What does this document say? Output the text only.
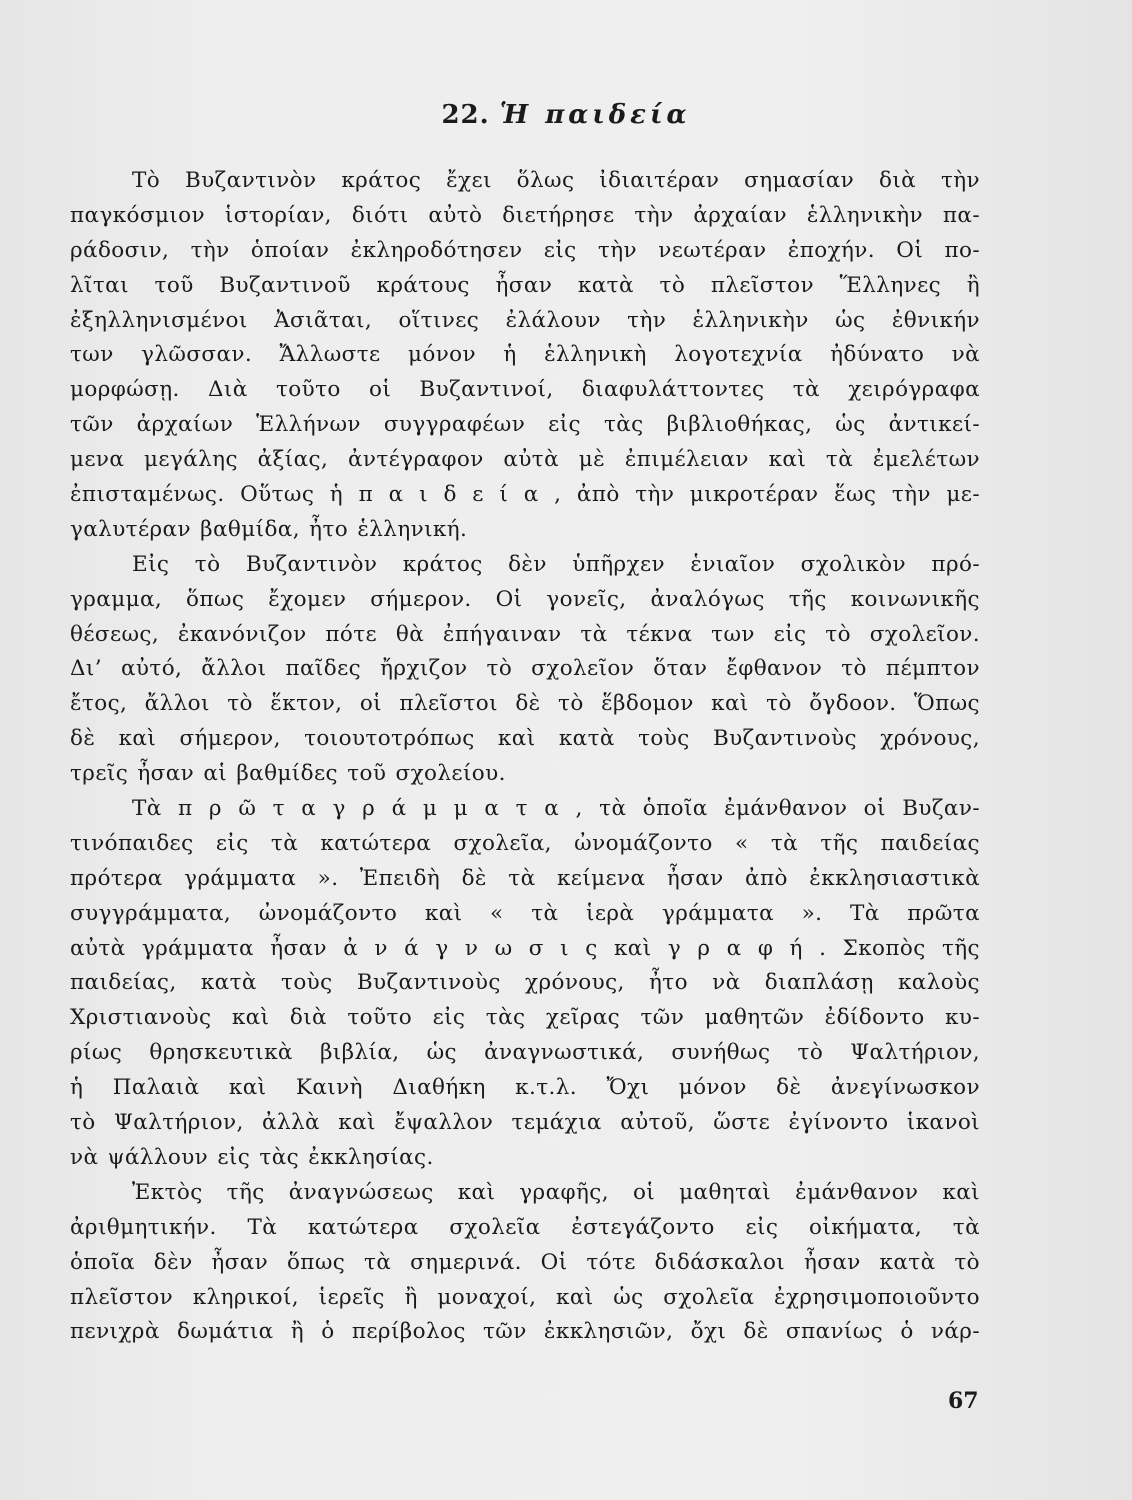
22. Ἡ παιδεία
Τὸ Βυζαντινὸν κράτος ἔχει ὅλως ἰδιαιτέραν σημασίαν διὰ τὴν
παγκόσμιον ἱστορίαν, διότι αὐτὸ διετήρησε τὴν ἀρχαίαν ἑλληνικὴν πα-
ράδοσιν, τὴν ὁποίαν ἐκληροδότησεν εἰς τὴν νεωτέραν ἐποχήν. Οἱ πο-
λῖται τοῦ Βυζαντινοῦ κράτους ἦσαν κατὰ τὸ πλεῖστον Ἕλληνες ἢ
ἐξηλληνισμένοι Ἀσιᾶται, οἵτινες ἐλάλουν τὴν ἑλληνικὴν ὡς ἐθνικήν
των γλῶσσαν. Ἄλλωστε μόνον ἡ ἑλληνικὴ λογοτεχνία ἠδύνατο νὰ
μορφώσῃ. Διὰ τοῦτο οἱ Βυζαντινοί, διαφυλάττοντες τὰ χειρόγραφα
τῶν ἀρχαίων Ἑλλήνων συγγραφέων εἰς τὰς βιβλιοθήκας, ὡς ἀντικεί-
μενα μεγάλης ἀξίας, ἀντέγραφον αὐτὰ μὲ ἐπιμέλειαν καὶ τὰ ἐμελέτων
ἐπισταμένως. Οὕτως ἡ π α ι δ ε ί α , ἀπὸ τὴν μικροτέραν ἕως τὴν με-
γαλυτέραν βαθμίδα, ἦτο ἑλληνική.
Εἰς τὸ Βυζαντινὸν κράτος δὲν ὑπῆρχεν ἑνιαῖον σχολικὸν πρό-
γραμμα, ὅπως ἔχομεν σήμερον. Οἱ γονεῖς, ἀναλόγως τῆς κοινωνικῆς
θέσεως, ἐκανόνιζον πότε θὰ ἐπήγαιναν τὰ τέκνα των εἰς τὸ σχολεῖον.
Δι’ αὐτό, ἄλλοι παῖδες ἤρχιζον τὸ σχολεῖον ὅταν ἔφθανον τὸ πέμπτον
ἔτος, ἄλλοι τὸ ἕκτον, οἱ πλεῖστοι δὲ τὸ ἕβδομον καὶ τὸ ὄγδοον. Ὅπως
δὲ καὶ σήμερον, τοιουτοτρόπως καὶ κατὰ τοὺς Βυζαντινοὺς χρόνους,
τρεῖς ἦσαν αἱ βαθμίδες τοῦ σχολείου.
Τὰ π ρ ῶ τ α γ ρ ά μ μ α τ α , τὰ ὁποῖα ἐμάνθανον οἱ Βυζαν-
τινόπαιδες εἰς τὰ κατώτερα σχολεῖα, ὠνομάζοντο « τὰ τῆς παιδείας
πρότερα γράμματα ». Ἐπειδὴ δὲ τὰ κείμενα ἦσαν ἀπὸ ἐκκλησιαστικὰ
συγγράμματα, ὠνομάζοντο καὶ « τὰ ἱερὰ γράμματα ». Τὰ πρῶτα
αὐτὰ γράμματα ἦσαν ἀ ν ά γ ν ω σ ι ς καὶ γ ρ α φ ή . Σκοπὸς τῆς
παιδείας, κατὰ τοὺς Βυζαντινοὺς χρόνους, ἦτο νὰ διαπλάσῃ καλοὺς
Χριστιανοὺς καὶ διὰ τοῦτο εἰς τὰς χεῖρας τῶν μαθητῶν ἐδίδοντο κυ-
ρίως θρησκευτικὰ βιβλία, ὡς ἀναγνωστικά, συνήθως τὸ Ψαλτήριον,
ἡ Παλαιὰ καὶ Καινὴ Διαθήκη κ.τ.λ. Ὄχι μόνον δὲ ἀνεγίνωσκον
τὸ Ψαλτήριον, ἀλλὰ καὶ ἔψαλλον τεμάχια αὐτοῦ, ὥστε ἐγίνοντο ἱκανοὶ
νὰ ψάλλουν εἰς τὰς ἐκκλησίας.
Ἐκτὸς τῆς ἀναγνώσεως καὶ γραφῆς, οἱ μαθηταὶ ἐμάνθανον καὶ
ἀριθμητικήν. Τὰ κατώτερα σχολεῖα ἐστεγάζοντο εἰς οἰκήματα, τὰ
ὁποῖα δὲν ἦσαν ὅπως τὰ σημερινά. Οἱ τότε διδάσκαλοι ἦσαν κατὰ τὸ
πλεῖστον κληρικοί, ἱερεῖς ἢ μοναχοί, καὶ ὡς σχολεῖα ἐχρησιμοποιοῦντο
πενιχρὰ δωμάτια ἢ ὁ περίβολος τῶν ἐκκλησιῶν, ὄχι δὲ σπανίως ὁ νάρ-

67
